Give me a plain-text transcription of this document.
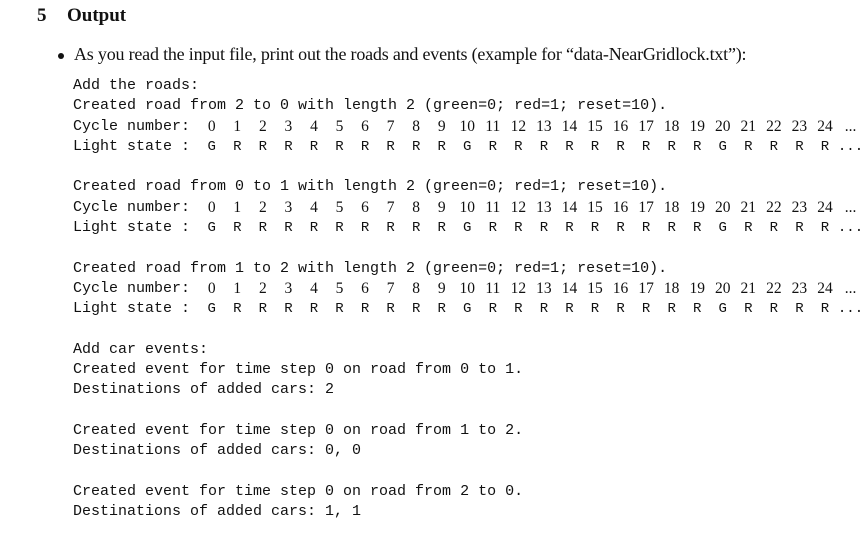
5 Output
As you read the input file, print out the roads and events (example for “data-NearGridlock.txt”):
Add the roads:
Created road from 2 to 0 with length 2 (green=0; red=1; reset=10).
Cycle number:	0	1	2	3	4	5	6	7	8	9 10 11 12 13 14 15 16 17 18 19 20 21 22 23 24 ...
Light state :	G	R	R	R	R	R	R	R	R	R	G	R	R	R	R	R	R	R	R	R	G	R	R	R	R ...
Created road from 0 to 1 with length 2 (green=0; red=1; reset=10).
Cycle number:	0	1	2	3	4	5	6	7	8	9 10 11 12 13 14 15 16 17 18 19 20 21 22 23 24 ...
Light state :	G	R	R	R	R	R	R	R	R	R	G	R	R	R	R	R	R	R	R	R	G	R	R	R	R ...
Created road from 1 to 2 with length 2 (green=0; red=1; reset=10).
Cycle number:	0	1	2	3	4	5	6	7	8	9 10 11 12 13 14 15 16 17 18 19 20 21 22 23 24 ...
Light state :	G	R	R	R	R	R	R	R	R	R	G	R	R	R	R	R	R	R	R	R	G	R	R	R	R ...
Add car events:
Created event for time step 0 on road from 0 to 1.
Destinations of added cars: 2
Created event for time step 0 on road from 1 to 2.
Destinations of added cars: 0, 0
Created event for time step 0 on road from 2 to 0.
Destinations of added cars: 1, 1
